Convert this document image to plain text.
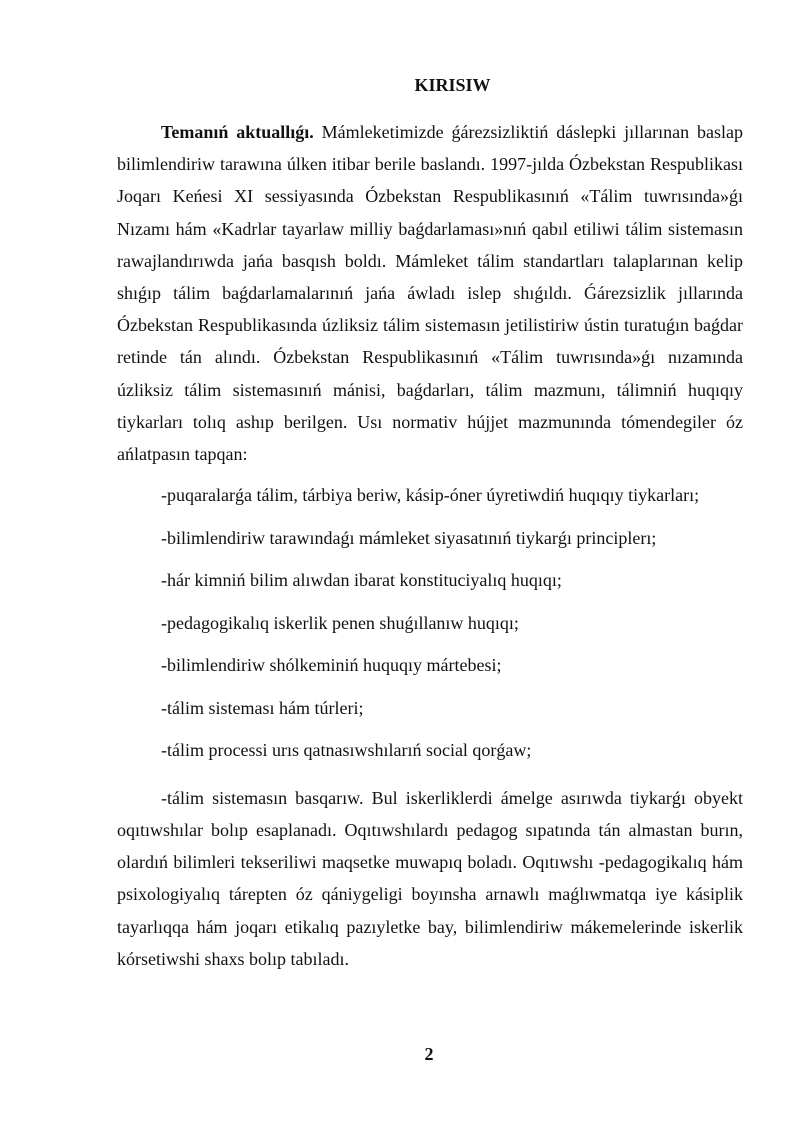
KIRISIW

Temanıń aktuallıǵı. Mámleketimizde ǵárezsizliktiń dáslepki jıllarınan baslap bilimlendiriw tarawına úlken itibar berile baslandı. 1997-jılda Ózbekstan Respublikası Joqarı Keńesi XI sessiyasında Ózbekstan Respublikasınıń «Tálim tuwrısında»ǵı Nızamı hám «Kadrlar tayarlaw milliy baǵdarlaması»nıń qabıl etiliwi tálim sistemasın rawajlandırıwda jańa basqısh boldı. Mámleket tálim standartları talaplarınan kelip shıǵıp tálim baǵdarlamalarınıń jańa áwladı islep shıǵıldı. Ǵárezsizlik jıllarında Ózbekstan Respublikasında úzliksiz tálim sistemasın jetilistiriw ústin turatuǵın baǵdar retinde tán alındı. Ózbekstan Respublikasınıń «Tálim tuwrısında»ǵı nızamında úzliksiz tálim sistemasınıń mánisi, baǵdarları, tálim mazmunı, tálimniń huqıqıy tiykarları tolıq ashıp berilgen. Usı normativ hújjet mazmunında tómendegiler óz ańlatpasın tapqan:

-puqaralarǵa tálim, tárbiya beriw, kásip-óner úyretiwdiń huqıqıy tiykarları;

-bilimlendiriw tarawındaǵı mámleket siyasatınıń tiykarǵı principlerı;

-hár kimniń bilim alıwdan ibarat konstituciyalıq huqıqı;

-pedagogikalıq iskerlik penen shuǵıllanıw huqıqı;

-bilimlendiriw shólkeminiń huquqıy mártebesi;

-tálim sisteması hám túrleri;

-tálim processi urıs qatnasıwshılarıń social qorǵaw;

-tálim sistemasın basqarıw. Bul iskerliklerdi ámelge asırıwda tiykarǵı obyekt oqıtıwshılar bolıp esaplanadı. Oqıtıwshılardı pedagog sıpatında tán almastan burın, olardıń bilimleri tekseriliwi maqsetke muwapıq boladı. Oqıtıwshı -pedagogikalıq hám psixologiyalıq tárepten óz qániygeligi boyınsha arnawlı maǵlıwmatqa iye kásiplik tayarlıqqa hám joqarı etikalıq pazıyletke bay, bilimlendiriw mákemelerinde iskerlik kórsetiwshi shaxs bolıp tabıladı.

2
